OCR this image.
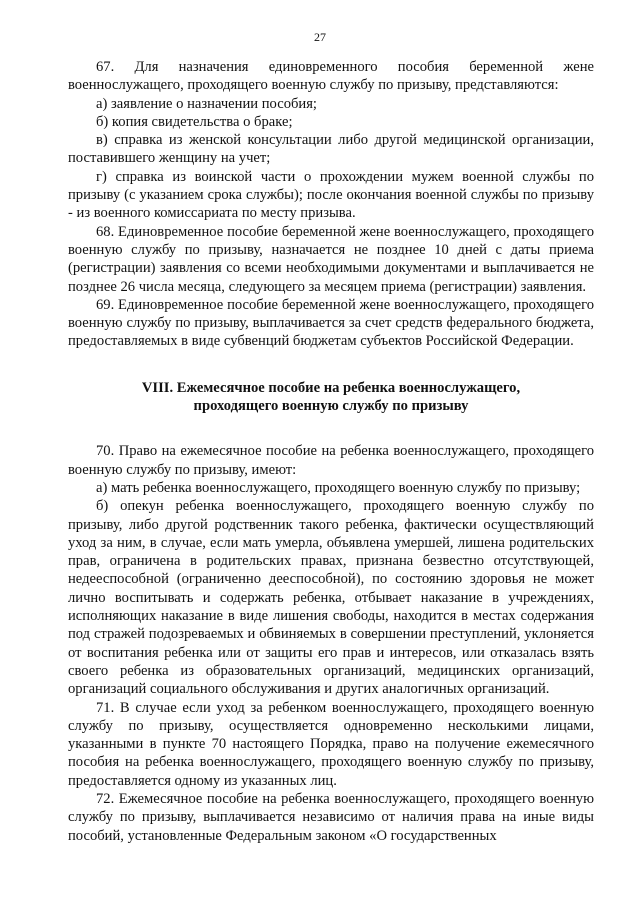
27

67. Для назначения единовременного пособия беременной жене военнослужащего, проходящего военную службу по призыву, представляются:

а) заявление о назначении пособия;

б) копия свидетельства о браке;

в) справка из женской консультации либо другой медицинской организации, поставившего женщину на учет;

г) справка из воинской части о прохождении мужем военной службы по призыву (с указанием срока службы); после окончания военной службы по призыву - из военного комиссариата по месту призыва.

68. Единовременное пособие беременной жене военнослужащего, проходящего военную службу по призыву, назначается не позднее 10 дней с даты приема (регистрации) заявления со всеми необходимыми документами и выплачивается не позднее 26 числа месяца, следующего за месяцем приема (регистрации) заявления.

69. Единовременное пособие беременной жене военнослужащего, проходящего военную службу по призыву, выплачивается за счет средств федерального бюджета, предоставляемых в виде субвенций бюджетам субъектов Российской Федерации.

VIII. Ежемесячное пособие на ребенка военнослужащего,
проходящего военную службу по призыву

70. Право на ежемесячное пособие на ребенка военнослужащего, проходящего военную службу по призыву, имеют:

а) мать ребенка военнослужащего, проходящего военную службу по призыву;

б) опекун ребенка военнослужащего, проходящего военную службу по призыву, либо другой родственник такого ребенка, фактически осуществляющий уход за ним, в случае, если мать умерла, объявлена умершей, лишена родительских прав, ограничена в родительских правах, признана безвестно отсутствующей, недееспособной (ограниченно дееспособной), по состоянию здоровья не может лично воспитывать и содержать ребенка, отбывает наказание в учреждениях, исполняющих наказание в виде лишения свободы, находится в местах содержания под стражей подозреваемых и обвиняемых в совершении преступлений, уклоняется от воспитания ребенка или от защиты его прав и интересов, или отказалась взять своего ребенка из образовательных организаций, медицинских организаций, организаций социального обслуживания и других аналогичных организаций.

71. В случае если уход за ребенком военнослужащего, проходящего военную службу по призыву, осуществляется одновременно несколькими лицами, указанными в пункте 70 настоящего Порядка, право на получение ежемесячного пособия на ребенка военнослужащего, проходящего военную службу по призыву, предоставляется одному из указанных лиц.

72. Ежемесячное пособие на ребенка военнослужащего, проходящего военную службу по призыву, выплачивается независимо от наличия права на иные виды пособий, установленные Федеральным законом «О государственных
